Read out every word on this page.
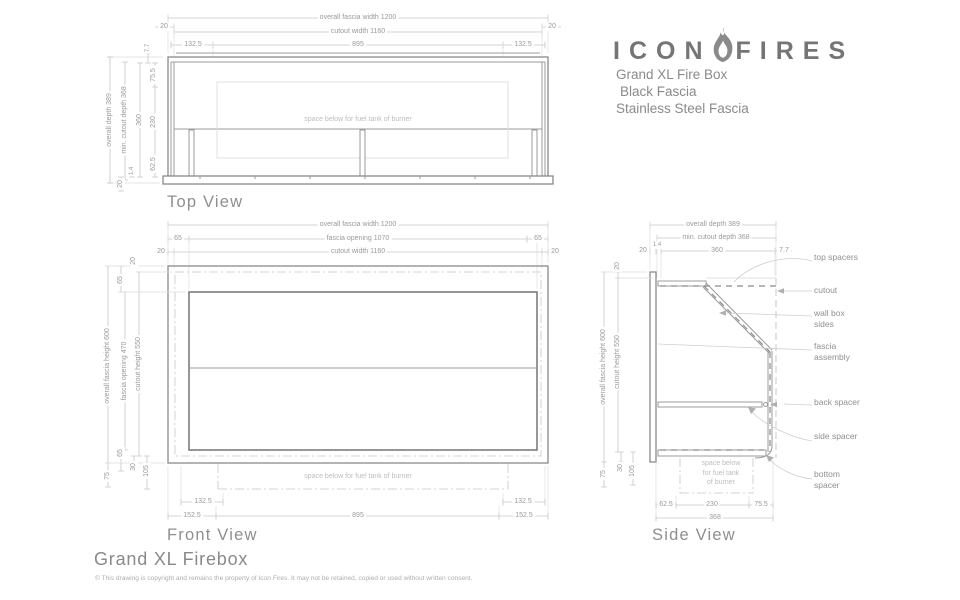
overall fascia width 1200
20
cutout width 1160
20
132.5	895	132.5
space below for fuel tank of burner
overall depth 389 min. cutout depth 368 360
7.7
75.5
230
62.5
1.4
20
Top View
overall fascia width 1200
65	fascia opening 1070	65
20	cutout width 1160	20
space below for fuel tank of burner
132.5	132.5
152.5	895	152.5
overall fascia height 600 fascia opening 470 cutout height 550
20
65
65
30 105
75
Front View
overall depth 389
min. cutout depth 368
20
1.4
360	7.7
overall fascia height 600 cutout height 550
20
75
30 105
top spacers
cutout
wall box sides
fascia assembly
back spacer
side spacer
bottom spacer
space below
for fuel tank
of burner
62.5	230	75.5
368
Side View
ICON FIRES
Grand XL Fire Box
Black Fascia
Stainless Steel Fascia
Grand XL Firebox
© This drawing is copyright and remains the property of Icon Fires. It may not be retained, copied or used without written consent.
